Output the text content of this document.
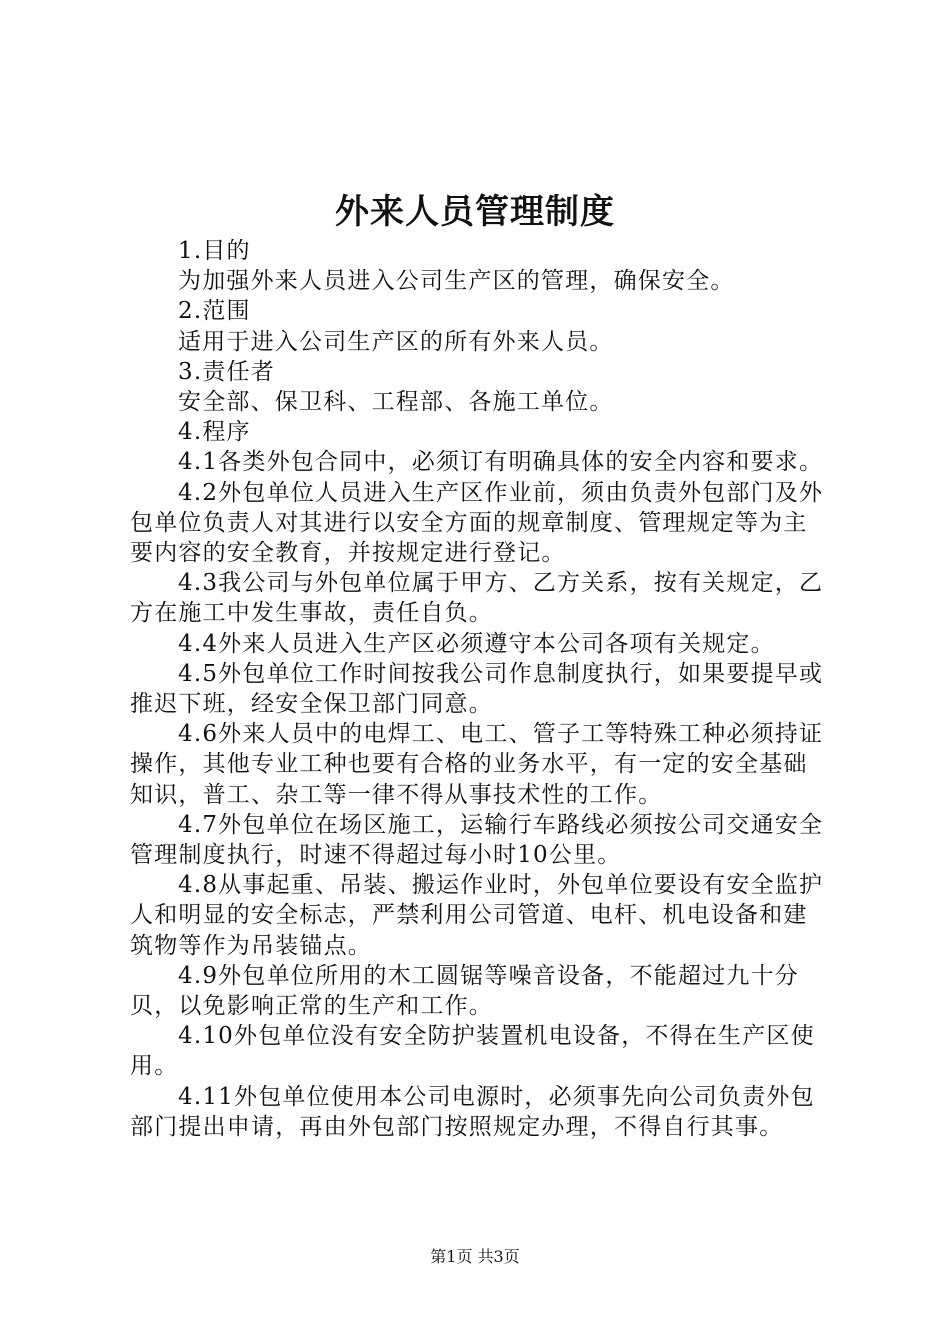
外来人员管理制度

1.目的

为加强外来人员进入公司生产区的管理，确保安全。

2.范围

适用于进入公司生产区的所有外来人员。

3.责任者

安全部、保卫科、工程部、各施工单位。

4.程序

4.1各类外包合同中，必须订有明确具体的安全内容和要求。

4.2外包单位人员进入生产区作业前，须由负责外包部门及外包单位负责人对其进行以安全方面的规章制度、管理规定等为主要内容的安全教育，并按规定进行登记。

4.3我公司与外包单位属于甲方、乙方关系，按有关规定，乙方在施工中发生事故，责任自负。

4.4外来人员进入生产区必须遵守本公司各项有关规定。

4.5外包单位工作时间按我公司作息制度执行，如果要提早或推迟下班，经安全保卫部门同意。

4.6外来人员中的电焊工、电工、管子工等特殊工种必须持证操作，其他专业工种也要有合格的业务水平，有一定的安全基础知识，普工、杂工等一律不得从事技术性的工作。

4.7外包单位在场区施工，运输行车路线必须按公司交通安全管理制度执行，时速不得超过每小时10公里。

4.8从事起重、吊装、搬运作业时，外包单位要设有安全监护人和明显的安全标志，严禁利用公司管道、电杆、机电设备和建筑物等作为吊装锚点。

4.9外包单位所用的木工圆锯等噪音设备，不能超过九十分贝，以免影响正常的生产和工作。

4.10外包单位没有安全防护装置机电设备，不得在生产区使用。

4.11外包单位使用本公司电源时，必须事先向公司负责外包部门提出申请，再由外包部门按照规定办理，不得自行其事。

第1页 共3页
